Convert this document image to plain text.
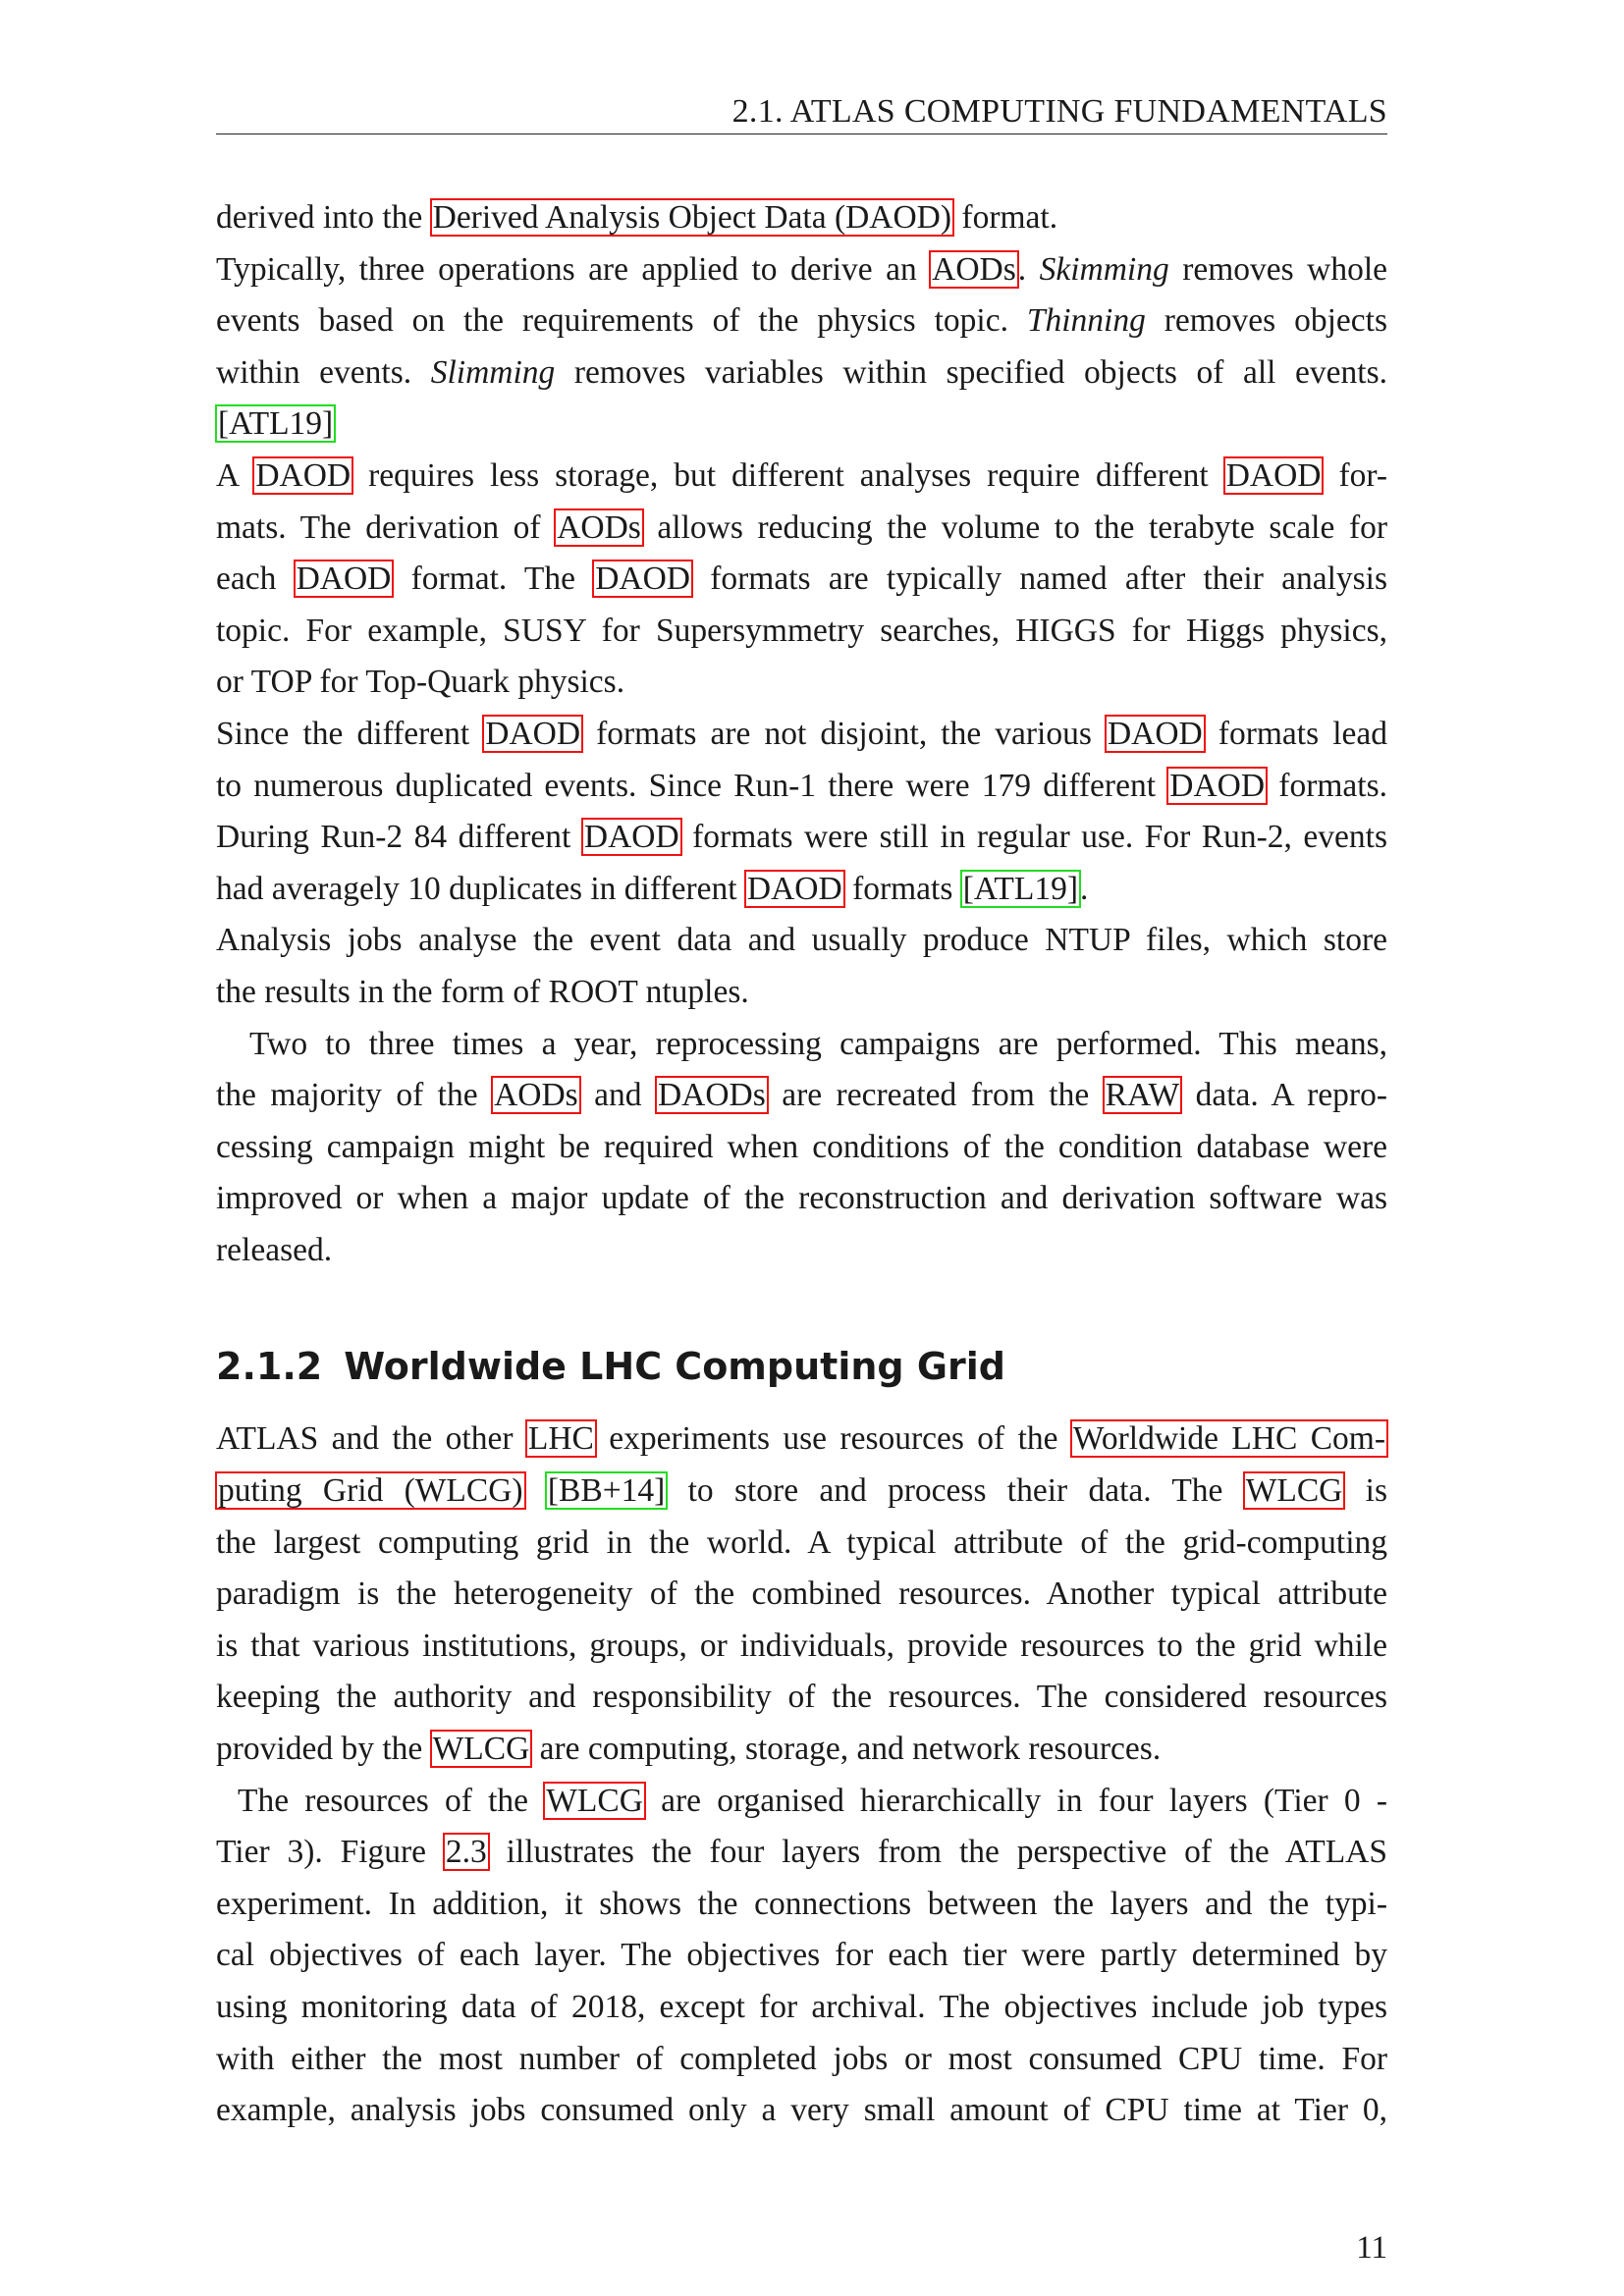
2.1. ATLAS COMPUTING FUNDAMENTALS
derived into the Derived Analysis Object Data (DAOD) format.
Typically, three operations are applied to derive an AODs. Skimming removes whole
events based on the requirements of the physics topic. Thinning removes objects
within events. Slimming removes variables within specified objects of all events.
[ATL19]
A DAOD requires less storage, but different analyses require different DAOD for-
mats. The derivation of AODs allows reducing the volume to the terabyte scale for
each DAOD format. The DAOD formats are typically named after their analysis
topic. For example, SUSY for Supersymmetry searches, HIGGS for Higgs physics,
or TOP for Top-Quark physics.
Since the different DAOD formats are not disjoint, the various DAOD formats lead
to numerous duplicated events. Since Run-1 there were 179 different DAOD formats.
During Run-2 84 different DAOD formats were still in regular use. For Run-2, events
had averagely 10 duplicates in different DAOD formats [ATL19].
Analysis jobs analyse the event data and usually produce NTUP files, which store
the results in the form of ROOT ntuples.
Two to three times a year, reprocessing campaigns are performed. This means,
the majority of the AODs and DAODs are recreated from the RAW data. A repro-
cessing campaign might be required when conditions of the condition database were
improved or when a major update of the reconstruction and derivation software was
released.
2.1.2 Worldwide LHC Computing Grid
ATLAS and the other LHC experiments use resources of the Worldwide LHC Com-
puting Grid (WLCG) [BB+14] to store and process their data. The WLCG is
the largest computing grid in the world. A typical attribute of the grid-computing
paradigm is the heterogeneity of the combined resources. Another typical attribute
is that various institutions, groups, or individuals, provide resources to the grid while
keeping the authority and responsibility of the resources. The considered resources
provided by the WLCG are computing, storage, and network resources.
The resources of the WLCG are organised hierarchically in four layers (Tier 0 -
Tier 3). Figure 2.3 illustrates the four layers from the perspective of the ATLAS
experiment. In addition, it shows the connections between the layers and the typi-
cal objectives of each layer. The objectives for each tier were partly determined by
using monitoring data of 2018, except for archival. The objectives include job types
with either the most number of completed jobs or most consumed CPU time. For
example, analysis jobs consumed only a very small amount of CPU time at Tier 0,
11
